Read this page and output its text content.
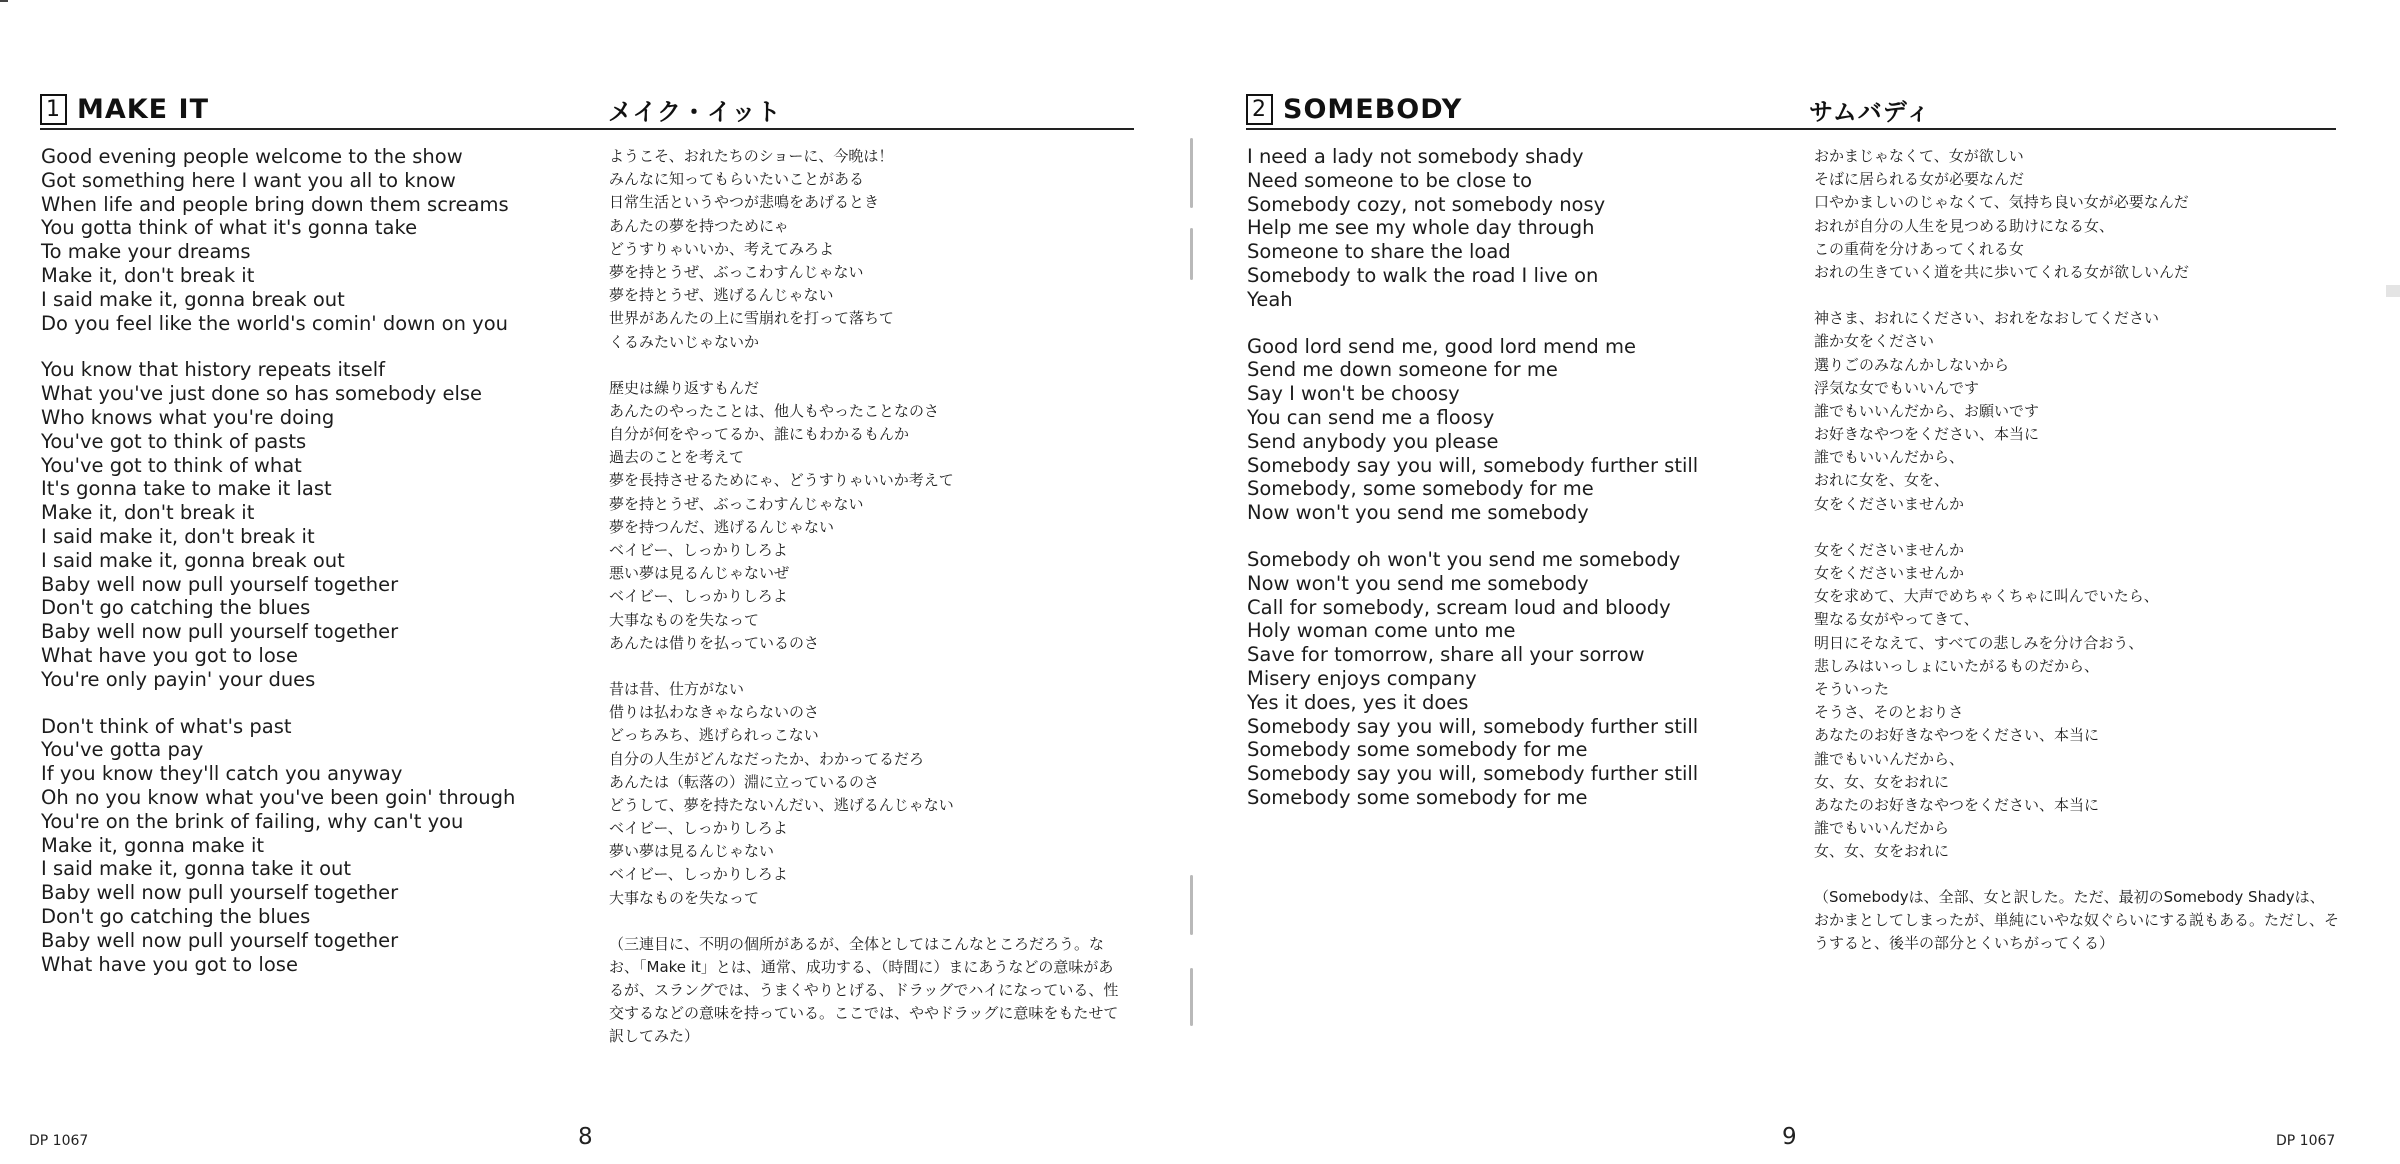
1 MAKE IT	メイク・イット
Good evening people welcome to the show
Got something here I want you all to know
When life and people bring down them screams
You gotta think of what it's gonna take
To make your dreams
Make it, don't break it
I said make it, gonna break out
Do you feel like the world's comin' down on you
You know that history repeats itself
What you've just done so has somebody else
Who knows what you're doing
You've got to think of pasts
You've got to think of what
It's gonna take to make it last
Make it, don't break it
I said make it, don't break it
I said make it, gonna break out
Baby well now pull yourself together
Don't go catching the blues
Baby well now pull yourself together
What have you got to lose
You're only payin' your dues
Don't think of what's past
You've gotta pay
If you know they'll catch you anyway
Oh no you know what you've been goin' through
You're on the brink of failing, why can't you
Make it, gonna make it
I said make it, gonna take it out
Baby well now pull yourself together
Don't go catching the blues
Baby well now pull yourself together
What have you got to lose
ようこそ、おれたちのショーに、今晩は！
みんなに知ってもらいたいことがある
日常生活というやつが悲鳴をあげるとき
あんたの夢を持つためにゃ
どうすりゃいいか、考えてみろよ
夢を持とうぜ、ぶっこわすんじゃない
夢を持とうぜ、逃げるんじゃない
世界があんたの上に雪崩れを打って落ちて
くるみたいじゃないか
歴史は繰り返すもんだ
あんたのやったことは、他人もやったことなのさ
自分が何をやってるか、誰にもわかるもんか
過去のことを考えて
夢を長持させるためにゃ、どうすりゃいいか考えて
夢を持とうぜ、ぶっこわすんじゃない
夢を持つんだ、逃げるんじゃない
ベイビー、しっかりしろよ
悪い夢は見るんじゃないぜ
ベイビー、しっかりしろよ
大事なものを失なって
あんたは借りを払っているのさ
昔は昔、仕方がない
借りは払わなきゃならないのさ
どっちみち、逃げられっこない
自分の人生がどんなだったか、わかってるだろ
あんたは（転落の）淵に立っているのさ
どうして、夢を持たないんだい、逃げるんじゃない
ベイビー、しっかりしろよ
夢い夢は見るんじゃない
ベイビー、しっかりしろよ
大事なものを失なって
（三連目に、不明の個所があるが、全体としてはこんなところだろう。なお、「Make it」とは、通常、成功する、（時間に）まにあうなどの意味があるが、スラングでは、うまくやりとげる、ドラッグでハイになっている、性交するなどの意味を持っている。ここでは、ややドラッグに意味をもたせて訳してみた）
DP 1067	8
2 SOMEBODY	サムバディ
I need a lady not somebody shady
Need someone to be close to
Somebody cozy, not somebody nosy
Help me see my whole day through
Someone to share the load
Somebody to walk the road I live on
Yeah
Good lord send me, good lord mend me
Send me down someone for me
Say I won't be choosy
You can send me a floosy
Send anybody you please
Somebody say you will, somebody further still
Somebody, some somebody for me
Now won't you send me somebody
Somebody oh won't you send me somebody
Now won't you send me somebody
Call for somebody, scream loud and bloody
Holy woman come unto me
Save for tomorrow, share all your sorrow
Misery enjoys company
Yes it does, yes it does
Somebody say you will, somebody further still
Somebody some somebody for me
Somebody say you will, somebody further still
Somebody some somebody for me
おかまじゃなくて、女が欲しい
そばに居られる女が必要なんだ
口やかましいのじゃなくて、気持ち良い女が必要なんだ
おれが自分の人生を見つめる助けになる女、
この重荷を分けあってくれる女
おれの生きていく道を共に歩いてくれる女が欲しいんだ
神さま、おれにください、おれをなおしてください
誰か女をください
選りごのみなんかしないから
浮気な女でもいいんです
誰でもいいんだから、お願いです
お好きなやつをください、本当に
誰でもいいんだから、
おれに女を、女を、
女をくださいませんか
女をくださいませんか
女をくださいませんか
女を求めて、大声でめちゃくちゃに叫んでいたら、
聖なる女がやってきて、
明日にそなえて、すべての悲しみを分け合おう、
悲しみはいっしょにいたがるものだから、
そういった
そうさ、そのとおりさ
あなたのお好きなやつをください、本当に
誰でもいいんだから、
女、女、女をおれに
あなたのお好きなやつをください、本当に
誰でもいいんだから
女、女、女をおれに
（Somebodyは、全部、女と訳した。ただ、最初のSomebody Shadyは、おかまとしてしまったが、単純にいやな奴ぐらいにする説もある。ただし、そうすると、後半の部分とくいちがってくる）
9	DP 1067
